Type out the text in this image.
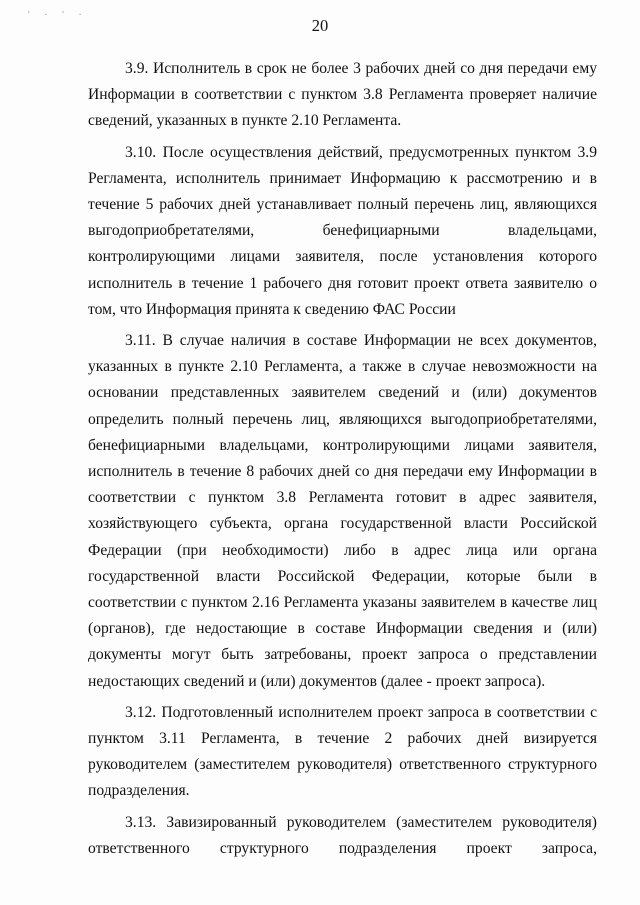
' · ' ·
20

3.9. Исполнитель в срок не более 3 рабочих дней со дня передачи ему Информации в соответствии с пунктом 3.8 Регламента проверяет наличие сведений, указанных в пункте 2.10 Регламента.

3.10. После осуществления действий, предусмотренных пунктом 3.9 Регламента, исполнитель принимает Информацию к рассмотрению и в течение 5 рабочих дней устанавливает полный перечень лиц, являющихся выгодоприобретателями, бенефициарными владельцами, контролирующими лицами заявителя, после установления которого исполнитель в течение 1 рабочего дня готовит проект ответа заявителю о том, что Информация принята к сведению ФАС России

3.11. В случае наличия в составе Информации не всех документов, указанных в пункте 2.10 Регламента, а также в случае невозможности на основании представленных заявителем сведений и (или) документов определить полный перечень лиц, являющихся выгодоприобретателями, бенефициарными владельцами, контролирующими лицами заявителя, исполнитель в течение 8 рабочих дней со дня передачи ему Информации в соответствии с пунктом 3.8 Регламента готовит в адрес заявителя, хозяйствующего субъекта, органа государственной власти Российской Федерации (при необходимости) либо в адрес лица или органа государственной власти Российской Федерации, которые были в соответствии с пунктом 2.16 Регламента указаны заявителем в качестве лиц (органов), где недостающие в составе Информации сведения и (или) документы могут быть затребованы, проект запроса о представлении недостающих сведений и (или) документов (далее - проект запроса).

3.12. Подготовленный исполнителем проект запроса в соответствии с пунктом 3.11 Регламента, в течение 2 рабочих дней визируется руководителем (заместителем руководителя) ответственного структурного подразделения.

3.13. Завизированный руководителем (заместителем руководителя) ответственного структурного подразделения проект запроса,
